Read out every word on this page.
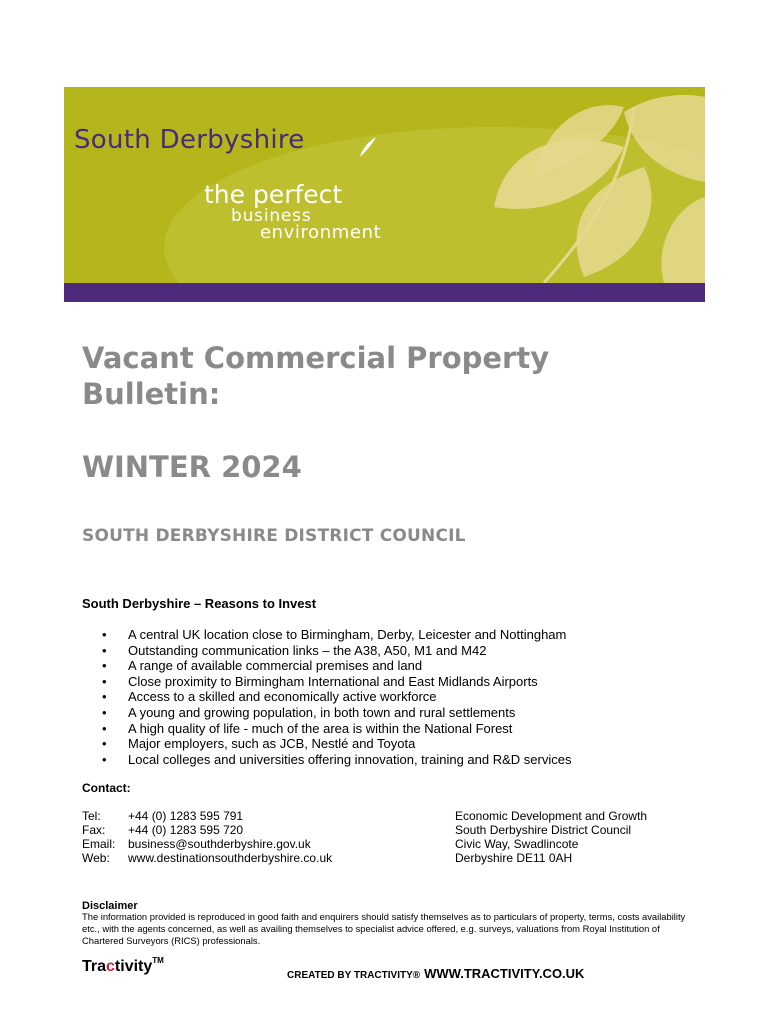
South Derbyshire
the perfect
business
environment
Vacant Commercial Property Bulletin:
WINTER 2024
SOUTH DERBYSHIRE DISTRICT COUNCIL
South Derbyshire – Reasons to Invest
• A central UK location close to Birmingham, Derby, Leicester and Nottingham
• Outstanding communication links – the A38, A50, M1 and M42
• A range of available commercial premises and land
• Close proximity to Birmingham International and East Midlands Airports
• Access to a skilled and economically active workforce
• A young and growing population, in both town and rural settlements
• A high quality of life - much of the area is within the National Forest
• Major employers, such as JCB, Nestlé and Toyota
• Local colleges and universities offering innovation, training and R&D services
Contact:
Tel:	+44 (0) 1283 595 791
Fax:	+44 (0) 1283 595 720
Email:	business@southderbyshire.gov.uk
Web:	www.destinationsouthderbyshire.co.uk
Economic Development and Growth
South Derbyshire District Council
Civic Way, Swadlincote
Derbyshire DE11 0AH
Disclaimer

The information provided is reproduced in good faith and enquirers should satisfy themselves as to particulars of property, terms, costs availability etc., with the agents concerned, as well as availing themselves to specialist advice offered, e.g. surveys, valuations from Royal Institution of Chartered Surveyors (RICS) professionals.

Tractivity™
CREATED BY TRACTIVITY® WWW.TRACTIVITY.CO.UK
